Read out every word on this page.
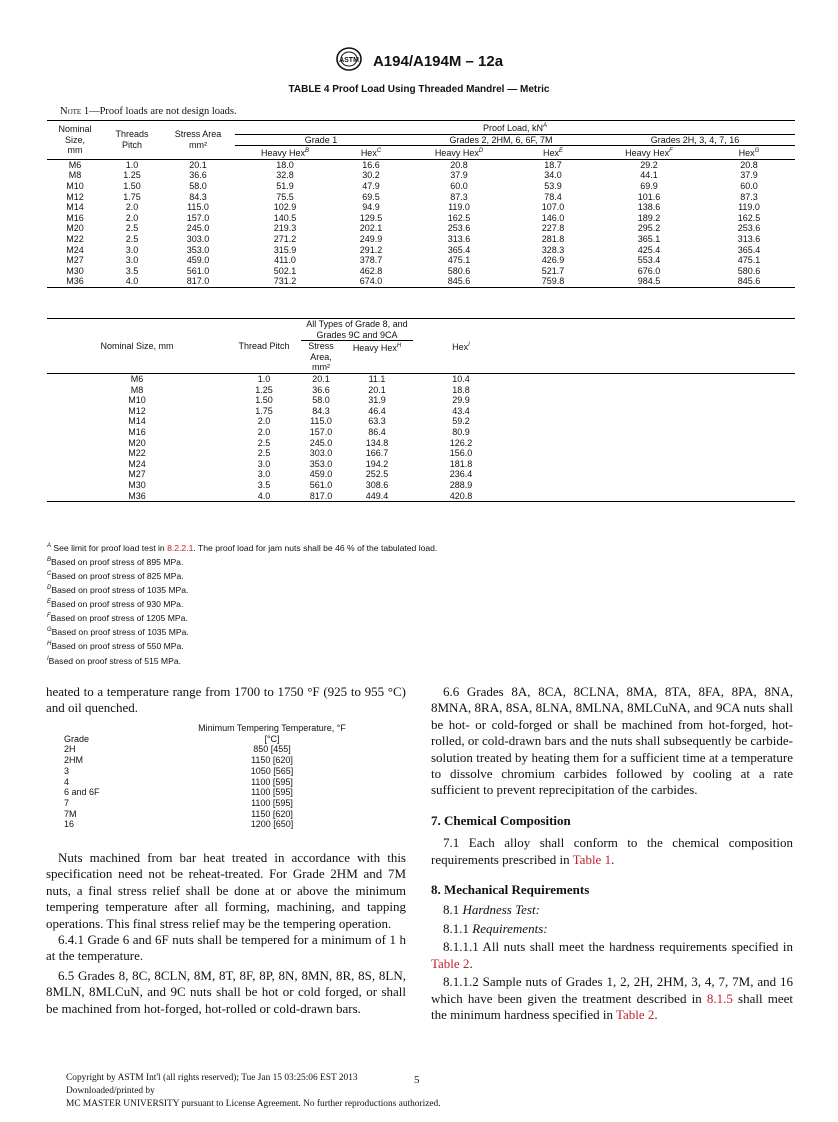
ASTM A194/A194M – 12a
TABLE 4 Proof Load Using Threaded Mandrel — Metric
Note 1—Proof loads are not design loads.
Nominal
Size,
mm	Threads
Pitch	Stress Area
mm²	Proof Load, $kN^A$
			Grade 1		Grades 2, 2HM, 6, 6F, 7M		Grades 2H, 3, 4, 7, 16	
			Heavy Hex$^B$	Hex$^C$	Heavy Hex$^D$	Hex$^E$	Heavy Hex$^F$	Hex$^G$
M6	1.0	20.1	18.0	16.6	20.8	18.7	29.2	20.8
M8	1.25	36.6	32.8	30.2	37.9	34.0	44.1	37.9
M10	1.50	58.0	51.9	47.9	60.0	53.9	69.9	60.0
M12	1.75	84.3	75.5	69.5	87.3	78.4	101.6	87.3
M14	2.0	115.0	102.9	94.9	119.0	107.0	138.6	119.0
M16	2.0	157.0	140.5	129.5	162.5	146.0	189.2	162.5
M20	2.5	245.0	219.3	202.1	253.6	227.8	295.2	253.6
M22	2.5	303.0	271.2	249.9	313.6	281.8	365.1	313.6
M24	3.0	353.0	315.9	291.2	365.4	328.3	425.4	365.4
M27	3.0	459.0	411.0	378.7	475.1	426.9	553.4	475.1
M30	3.5	561.0	502.1	462.8	580.6	521.7	676.0	580.6
M36	4.0	817.0	731.2	674.0	845.6	759.8	984.5	845.6
Nominal Size, mm	Thread Pitch	All Types of Grade 8, and
Grades 9C and 9CA		Hex$^I$	
		Stress
Area,
mm²	Heavy Hex$^H$
M6	1.0	20.1	11.1	10.4	
M8	1.25	36.6	20.1	18.8	
M10	1.50	58.0	31.9	29.9	
M12	1.75	84.3	46.4	43.4	
M14	2.0	115.0	63.3	59.2	
M16	2.0	157.0	86.4	80.9	
M20	2.5	245.0	134.8	126.2	
M22	2.5	303.0	166.7	156.0	
M24	3.0	353.0	194.2	181.8	
M27	3.0	459.0	252.5	236.4	
M30	3.5	561.0	308.6	288.9	
M36	4.0	817.0	449.4	420.8	
$^A$ See limit for proof load test in 8.2.2.1. The proof load for jam nuts shall be 46 % of the tabulated load.
$^B$Based on proof stress of 895 MPa.
$^C$Based on proof stress of 825 MPa.
$^D$Based on proof stress of 1035 MPa.
$^E$Based on proof stress of 930 MPa.
$^F$Based on proof stress of 1205 MPa.
$^G$Based on proof stress of 1035 MPa.
$^H$Based on proof stress of 550 MPa.
$^I$Based on proof stress of 515 MPa.

heated to a temperature range from 1700 to 1750 °F (925 to 955 °C) and oil quenched.

Grade	Minimum Tempering Temperature, °F
[°C]
2H	850 [455]
2HM	1150 [620]
3	1050 [565]
4	1100 [595]
6 and 6F	1100 [595]
7	1100 [595]
7M	1150 [620]
16	1200 [650]

Nuts machined from bar heat treated in accordance with this specification need not be reheat-treated. For Grade 2HM and 7M nuts, a final stress relief shall be done at or above the minimum tempering temperature after all forming, machining, and tapping operations. This final stress relief may be the tempering operation.

6.4.1 Grade 6 and 6F nuts shall be tempered for a minimum of 1 h at the temperature.

6.5 Grades 8, 8C, 8CLN, 8M, 8T, 8F, 8P, 8N, 8MN, 8R, 8S, 8LN, 8MLN, 8MLCuN, and 9C nuts shall be hot or cold forged, or shall be machined from hot-forged, hot-rolled or cold-drawn bars.

6.6 Grades 8A, 8CA, 8CLNA, 8MA, 8TA, 8FA, 8PA, 8NA, 8MNA, 8RA, 8SA, 8LNA, 8MLNA, 8MLCuNA, and 9CA nuts shall be hot- or cold-forged or shall be machined from hot-forged, hot-rolled, or cold-drawn bars and the nuts shall subsequently be carbide-solution treated by heating them for a sufficient time at a temperature to dissolve chromium carbides followed by cooling at a rate sufficient to prevent reprecipitation of the carbides.

7. Chemical Composition

7.1 Each alloy shall conform to the chemical composition requirements prescribed in Table 1.

8. Mechanical Requirements

8.1 Hardness Test:

8.1.1 Requirements:

8.1.1.1 All nuts shall meet the hardness requirements specified in Table 2.

8.1.1.2 Sample nuts of Grades 1, 2, 2H, 2HM, 3, 4, 7, 7M, and 16 which have been given the treatment described in 8.1.5 shall meet the minimum hardness specified in Table 2.

Copyright by ASTM Int'l (all rights reserved); Tue Jan 15 03:25:06 EST 2013
Downloaded/printed by
MC MASTER UNIVERSITY pursuant to License Agreement. No further reproductions authorized.
5
